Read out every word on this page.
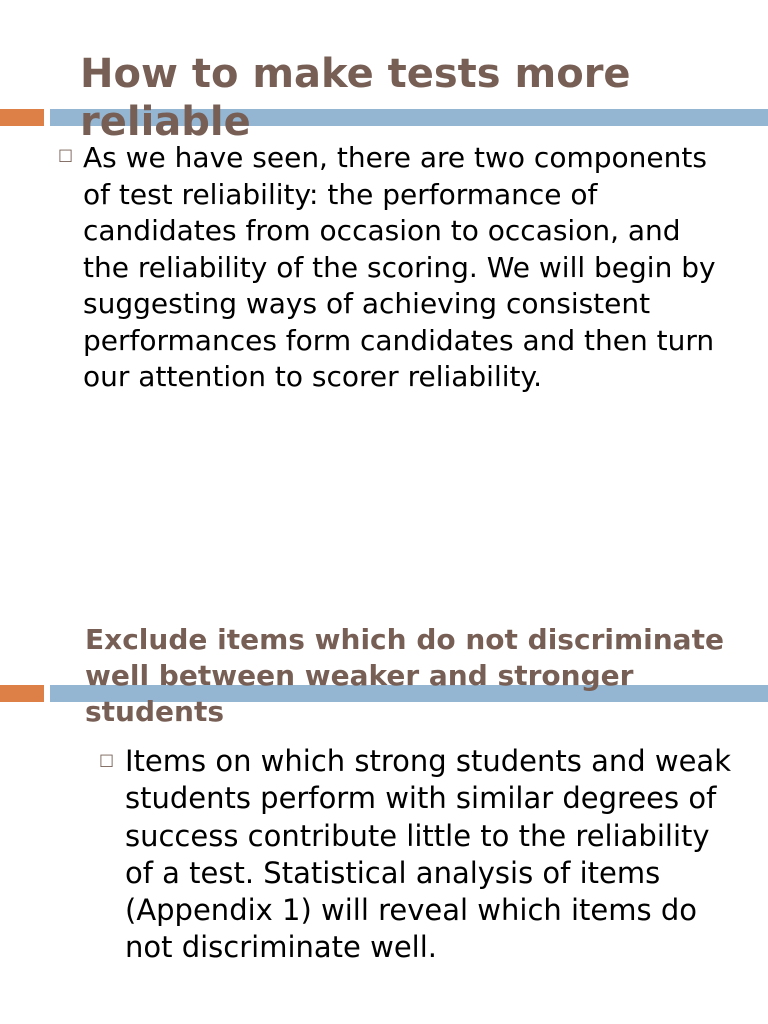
How to make tests more reliable
□ As we have seen, there are two components of test reliability: the performance of candidates from occasion to occasion, and the reliability of the scoring. We will begin by suggesting ways of achieving consistent performances form candidates and then turn our attention to scorer reliability.
Exclude items which do not discriminate well between weaker and stronger students
□ Items on which strong students and weak students perform with similar degrees of success contribute little to the reliability of a test. Statistical analysis of items (Appendix 1) will reveal which items do not discriminate well.
